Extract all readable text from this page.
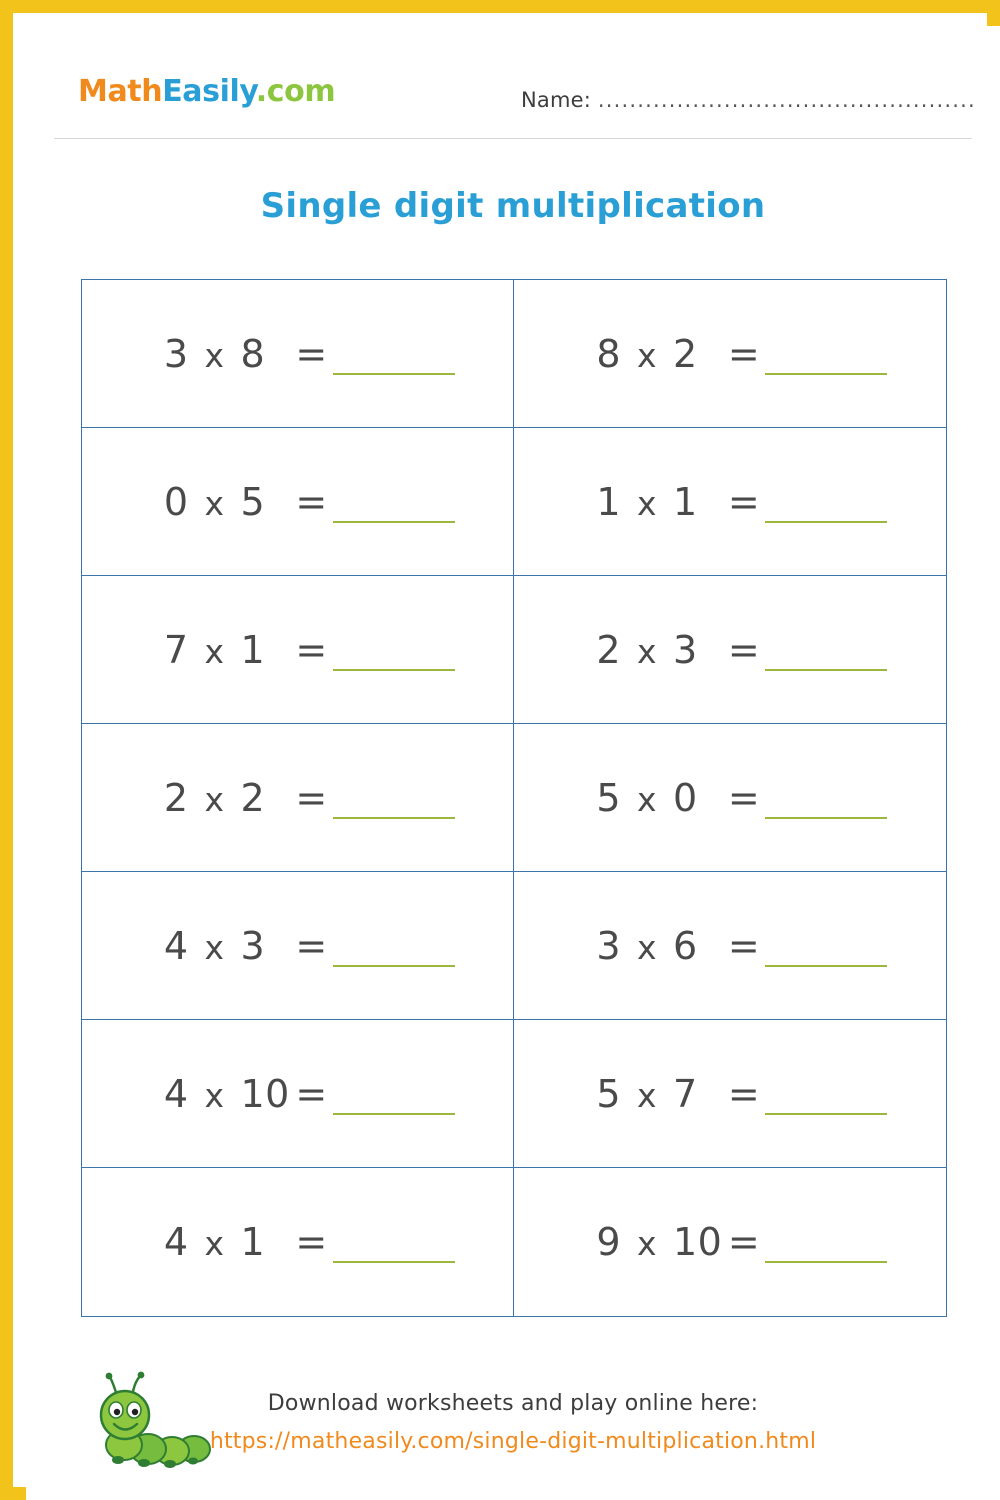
MathEasily.com	Name: ................................................
Single digit multiplication
3 x 8 =	8 x 2 =
0 x 5 =	1 x 1 =
7 x 1 =	2 x 3 =
2 x 2 =	5 x 0 =
4 x 3 =	3 x 6 =
4 x 10 =	5 x 7 =
4 x 1 =	9 x 10 =
Download worksheets and play online here:
https://matheasily.com/single-digit-multiplication.html
